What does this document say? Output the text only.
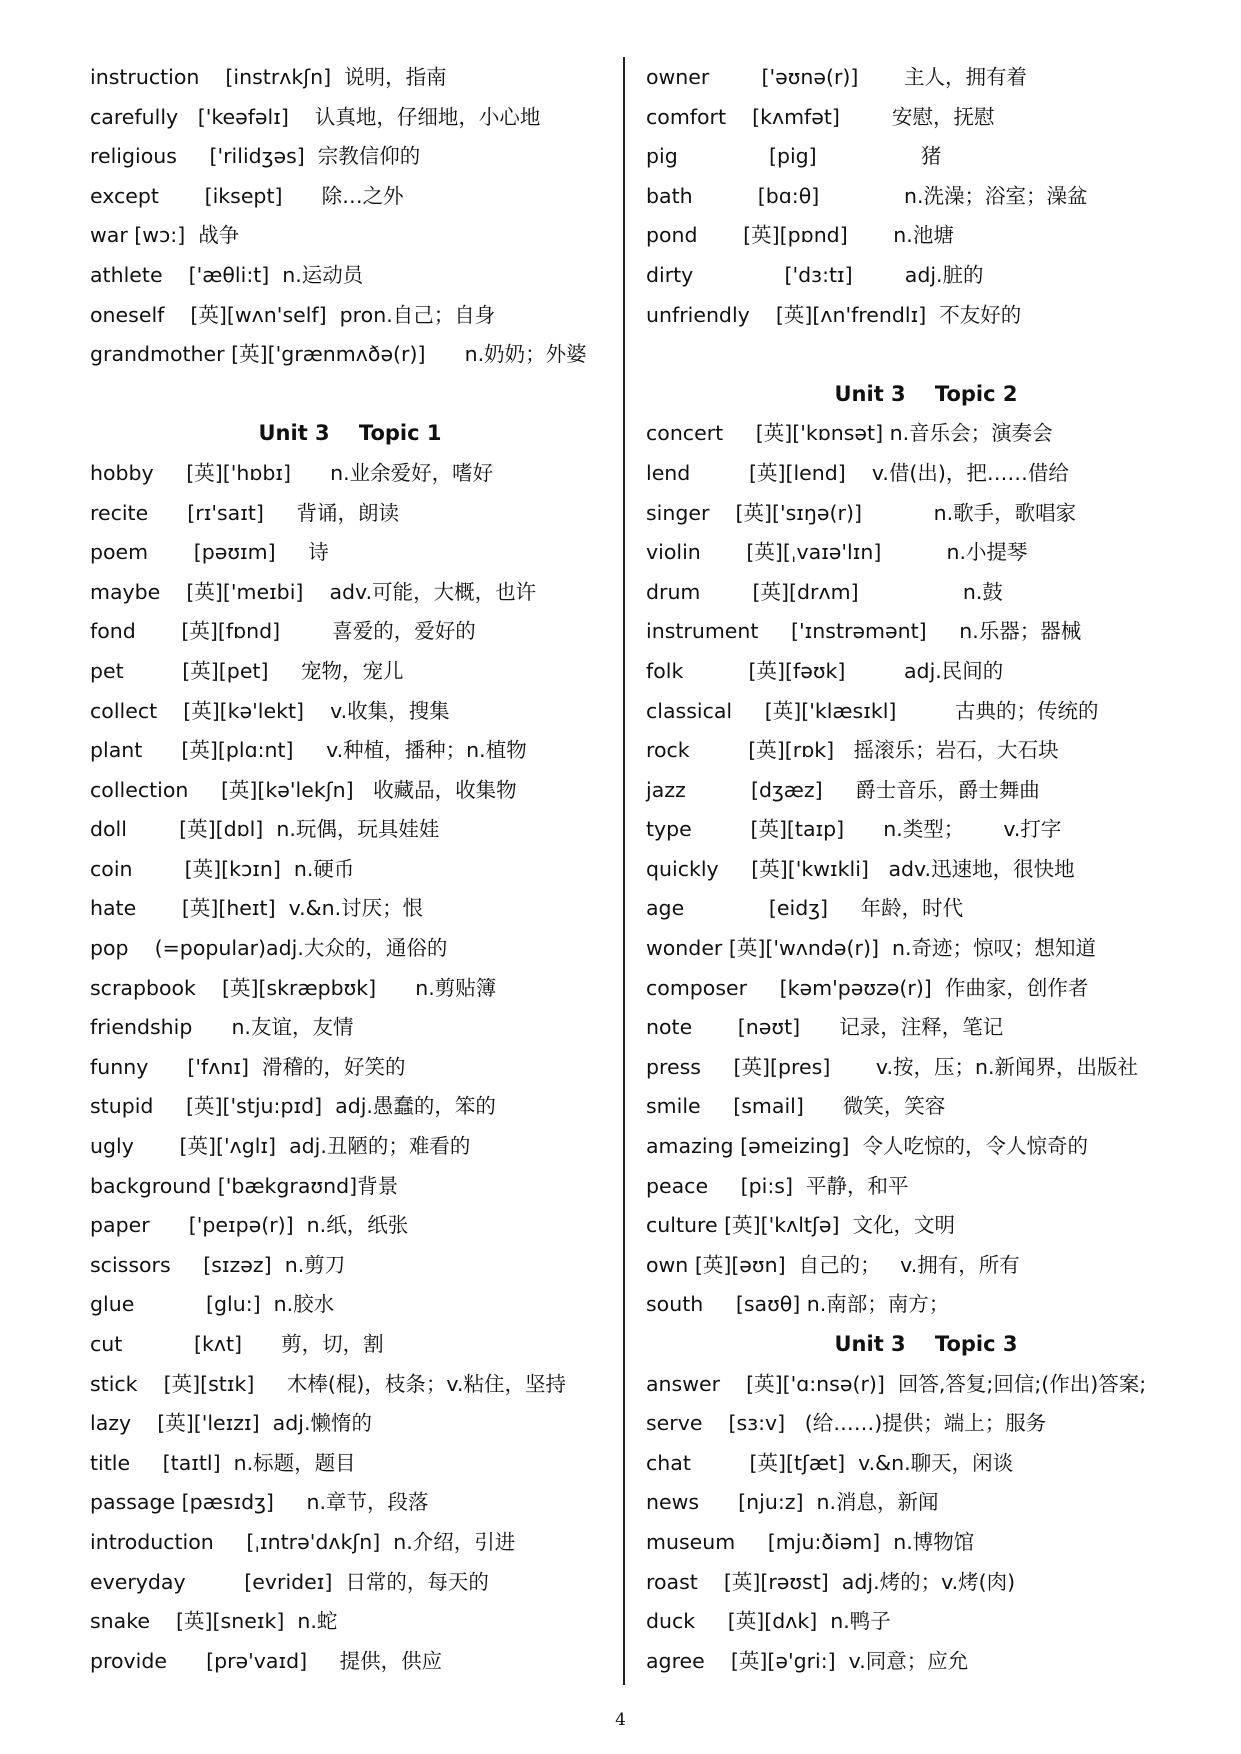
instruction    [instrʌkʃn]  说明，指南
carefully   ['keəfəlɪ]    认真地，仔细地，小心地
religious     ['rilidʒəs]  宗教信仰的
except       [iksept]      除…之外
war [wɔ:]  战争
athlete    ['æθli:t]  n.运动员
oneself    [英][wʌn'self]  pron.自己；自身
grandmother [英]['grænmʌðə(r)]      n.奶奶；外婆
Unit 3    Topic 1
hobby     [英]['hɒbɪ]      n.业余爱好，嗜好
recite      [rɪ'saɪt]     背诵，朗读
poem       [pəʊɪm]     诗
maybe    [英]['meɪbi]    adv.可能，大概，也许
fond       [英][fɒnd]        喜爱的，爱好的
pet         [英][pet]     宠物，宠儿
collect    [英][kə'lekt]    v.收集，搜集
plant      [英][plɑ:nt]     v.种植，播种；n.植物
collection     [英][kə'lekʃn]   收藏品，收集物
doll        [英][dɒl]  n.玩偶，玩具娃娃
coin        [英][kɔɪn]  n.硬币
hate       [英][heɪt]  v.&n.讨厌；恨
pop    (=popular)adj.大众的，通俗的
scrapbook    [英][skræpbʊk]      n.剪贴簿
friendship      n.友谊，友情
funny      ['fʌnɪ]  滑稽的，好笑的
stupid     [英]['stju:pɪd]  adj.愚蠢的，笨的
ugly       [英]['ʌglɪ]  adj.丑陋的；难看的
background ['bækgraʊnd]背景
paper      ['peɪpə(r)]  n.纸，纸张
scissors     [sɪzəz]  n.剪刀
glue           [glu:]  n.胶水
cut           [kʌt]      剪，切，割
stick    [英][stɪk]     木棒(棍)，枝条；v.粘住，坚持
lazy    [英]['leɪzɪ]  adj.懒惰的
title     [taɪtl]  n.标题，题目
passage [pæsɪdʒ]     n.章节，段落
introduction     [ˌɪntrə'dʌkʃn]  n.介绍，引进
everyday         [evrideɪ]  日常的，每天的
snake    [英][sneɪk]  n.蛇
provide      [prə'vaɪd]     提供，供应
owner        ['əʊnə(r)]       主人，拥有着
comfort    [kʌmfət]        安慰，抚慰
pig              [pig]                猪
bath          [bɑ:θ]             n.洗澡；浴室；澡盆
pond       [英][pɒnd]       n.池塘
dirty              ['dɜ:tɪ]        adj.脏的
unfriendly    [英][ʌn'frendlɪ]  不友好的
Unit 3    Topic 2
concert     [英]['kɒnsət] n.音乐会；演奏会
lend         [英][lend]    v.借(出)，把……借给
singer    [英]['sɪŋə(r)]           n.歌手，歌唱家
violin       [英][ˌvaɪə'lɪn]          n.小提琴
drum        [英][drʌm]                n.鼓
instrument     ['ɪnstrəmənt]     n.乐器；器械
folk          [英][fəʊk]         adj.民间的
classical     [英]['klæsɪkl]         古典的；传统的
rock         [英][rɒk]   摇滚乐；岩石，大石块
jazz          [dʒæz]     爵士音乐，爵士舞曲
type         [英][taɪp]      n.类型；      v.打字
quickly     [英]['kwɪkli]   adv.迅速地，很快地
age             [eidʒ]     年龄，时代
wonder [英]['wʌndə(r)]  n.奇迹；惊叹；想知道
composer     [kəm'pəʊzə(r)]  作曲家，创作者
note       [nəʊt]      记录，注释，笔记
press     [英][pres]       v.按，压；n.新闻界，出版社
smile     [smail]      微笑，笑容
amazing [əmeizing]  令人吃惊的，令人惊奇的
peace     [pi:s]  平静，和平
culture [英]['kʌltʃə]  文化，文明
own [英][əʊn]  自己的；   v.拥有，所有
south     [saʊθ] n.南部；南方；
Unit 3    Topic 3
answer    [英]['ɑ:nsə(r)]  回答,答复;回信;(作出)答案;
serve    [sɜ:v]   (给……)提供；端上；服务
chat         [英][tʃæt]  v.&n.聊天，闲谈
news      [nju:z]  n.消息，新闻
museum     [mju:ðiəm]  n.博物馆
roast    [英][rəʊst]  adj.烤的；v.烤(肉)
duck     [英][dʌk]  n.鸭子
agree    [英][ə'gri:]  v.同意；应允
4
